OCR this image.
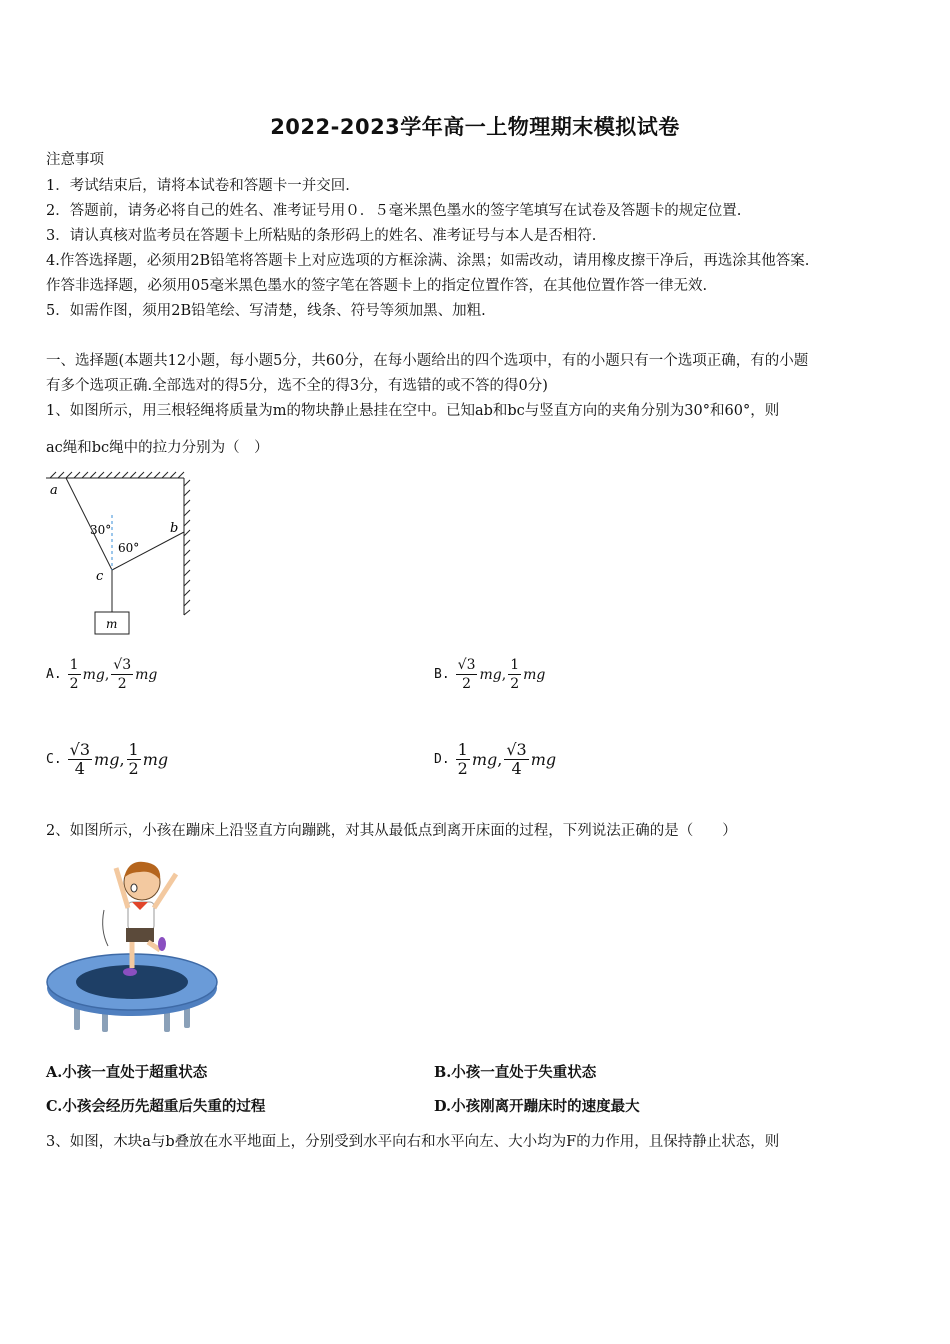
2022-2023学年高一上物理期末模拟试卷
注意事项
1．考试结束后，请将本试卷和答题卡一并交回.
2．答题前，请务必将自己的姓名、准考证号用０．５毫米黑色墨水的签字笔填写在试卷及答题卡的规定位置.
3．请认真核对监考员在答题卡上所粘贴的条形码上的姓名、准考证号与本人是否相符.
4.作答选择题，必须用2B铅笔将答题卡上对应选项的方框涂满、涂黑；如需改动，请用橡皮擦干净后，再选涂其他答案.
作答非选择题，必须用05毫米黑色墨水的签字笔在答题卡上的指定位置作答，在其他位置作答一律无效.
5．如需作图，须用2B铅笔绘、写清楚，线条、符号等须加黑、加粗.
一、选择题(本题共12小题，每小题5分，共60分，在每小题给出的四个选项中，有的小题只有一个选项正确，有的小题
有多个选项正确.全部选对的得5分，选不全的得3分，有选错的或不答的得0分)
1、如图所示，用三根轻绳将质量为m的物块静止悬挂在空中。已知ab和bc与竖直方向的夹角分别为30°和60°，则
ac绳和bc绳中的拉力分别为（　）
a
b
c
m
30°
60°
A. $\frac{1}{2}$ mg , $\frac{√3}{2}$ mg	B. $\frac{√3}{2}$ mg , $\frac{1}{2}$ mg
C. $\frac{√3}{4}$ mg , $\frac{1}{2}$ mg	D. $\frac{1}{2}$ mg , $\frac{√3}{4}$ mg
2、如图所示，小孩在蹦床上沿竖直方向蹦跳，对其从最低点到离开床面的过程，下列说法正确的是（　　）
A.小孩一直处于超重状态	B.小孩一直处于失重状态
C.小孩会经历先超重后失重的过程	D.小孩刚离开蹦床时的速度最大
3、如图，木块a与b叠放在水平地面上，分别受到水平向右和水平向左、大小均为F的力作用，且保持静止状态，则
